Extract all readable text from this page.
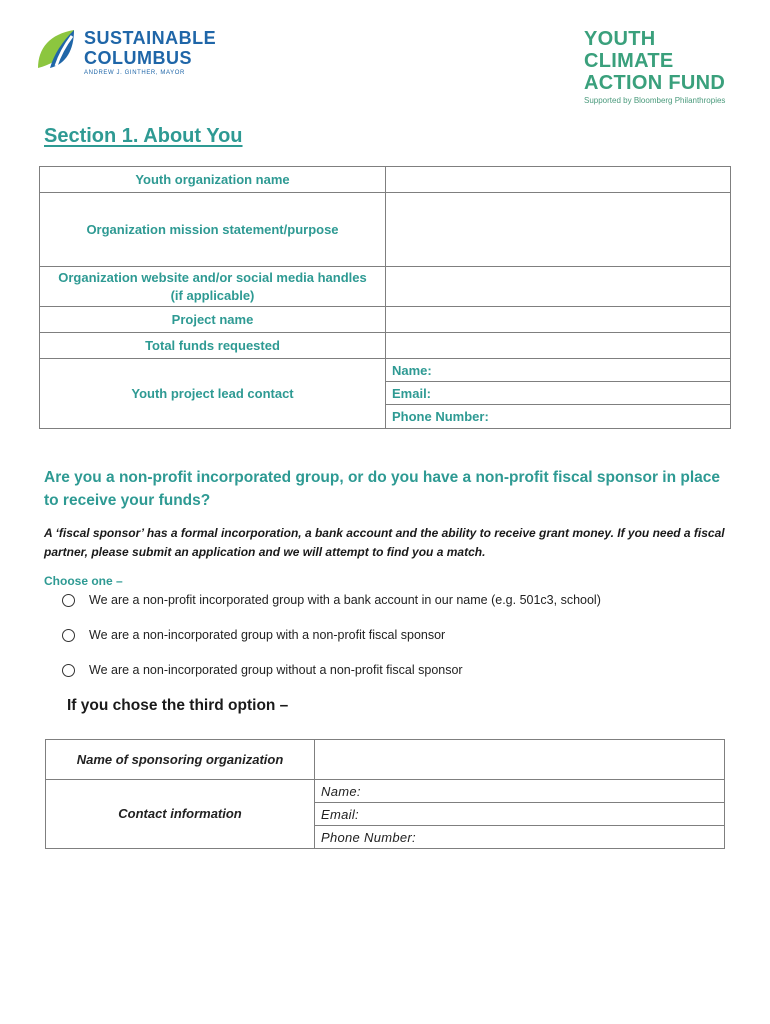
SUSTAINABLE
COLUMBUS
ANDREW J. GINTHER, MAYOR
YOUTH CLIMATE
ACTION FUND
Supported by Bloomberg Philanthropies
Section 1. About You
Youth organization name	
Organization mission statement/purpose	
Organization website and/or social media handles (if applicable)	
Project name	
Total funds requested	
Youth project lead contact	Name:
	Email:
	Phone Number:
Are you a non-profit incorporated group, or do you have a non-profit fiscal sponsor in place to receive your funds?
A ‘fiscal sponsor’ has a formal incorporation, a bank account and the ability to receive grant money. If you need a fiscal partner, please submit an application and we will attempt to find you a match.
Choose one –
We are a non-profit incorporated group with a bank account in our name (e.g. 501c3, school)
We are a non-incorporated group with a non-profit fiscal sponsor
We are a non-incorporated group without a non-profit fiscal sponsor
If you chose the third option –
Name of sponsoring organization	
Contact information	Name:
	Email:
	Phone Number:
